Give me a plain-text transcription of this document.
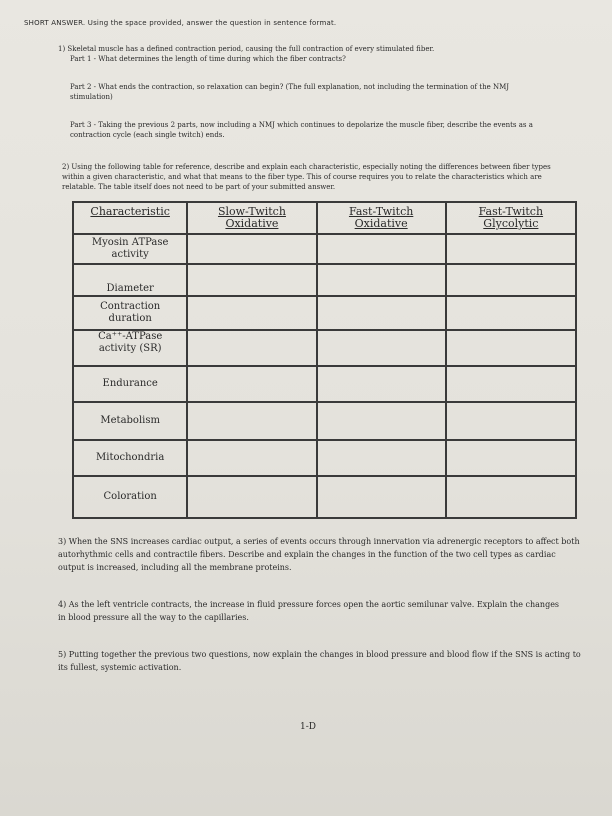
SHORT ANSWER. Using the space provided, answer the question in sentence format.
1) Skeletal muscle has a defined contraction period, causing the full contraction of every stimulated fiber.
Part 1 - What determines the length of time during which the fiber contracts?
Part 2 - What ends the contraction, so relaxation can begin? (The full explanation, not including the termination of the NMJ stimulation)
Part 3 - Taking the previous 2 parts, now including a NMJ which continues to depolarize the muscle fiber, describe the events as a contraction cycle (each single twitch) ends.
2) Using the following table for reference, describe and explain each characteristic, especially noting the differences between fiber types within a given characteristic, and what that means to the fiber type. This of course requires you to relate the characteristics which are relatable. The table itself does not need to be part of your submitted answer.
Characteristic	Slow-Twitch Oxidative	Fast-Twitch Oxidative	Fast-Twitch Glycolytic
Myosin ATPase activity			
Diameter			
Contraction duration			
Ca⁺⁺-ATPase activity (SR)			
Endurance			
Metabolism			
Mitochondria			
Coloration			
3) When the SNS increases cardiac output, a series of events occurs through innervation via adrenergic receptors to affect both autorhythmic cells and contractile fibers. Describe and explain the changes in the function of the two cell types as cardiac output is increased, including all the membrane proteins.
4) As the left ventricle contracts, the increase in fluid pressure forces open the aortic semilunar valve. Explain the changes in blood pressure all the way to the capillaries.
5) Putting together the previous two questions, now explain the changes in blood pressure and blood flow if the SNS is acting to its fullest, systemic activation.
1-D
